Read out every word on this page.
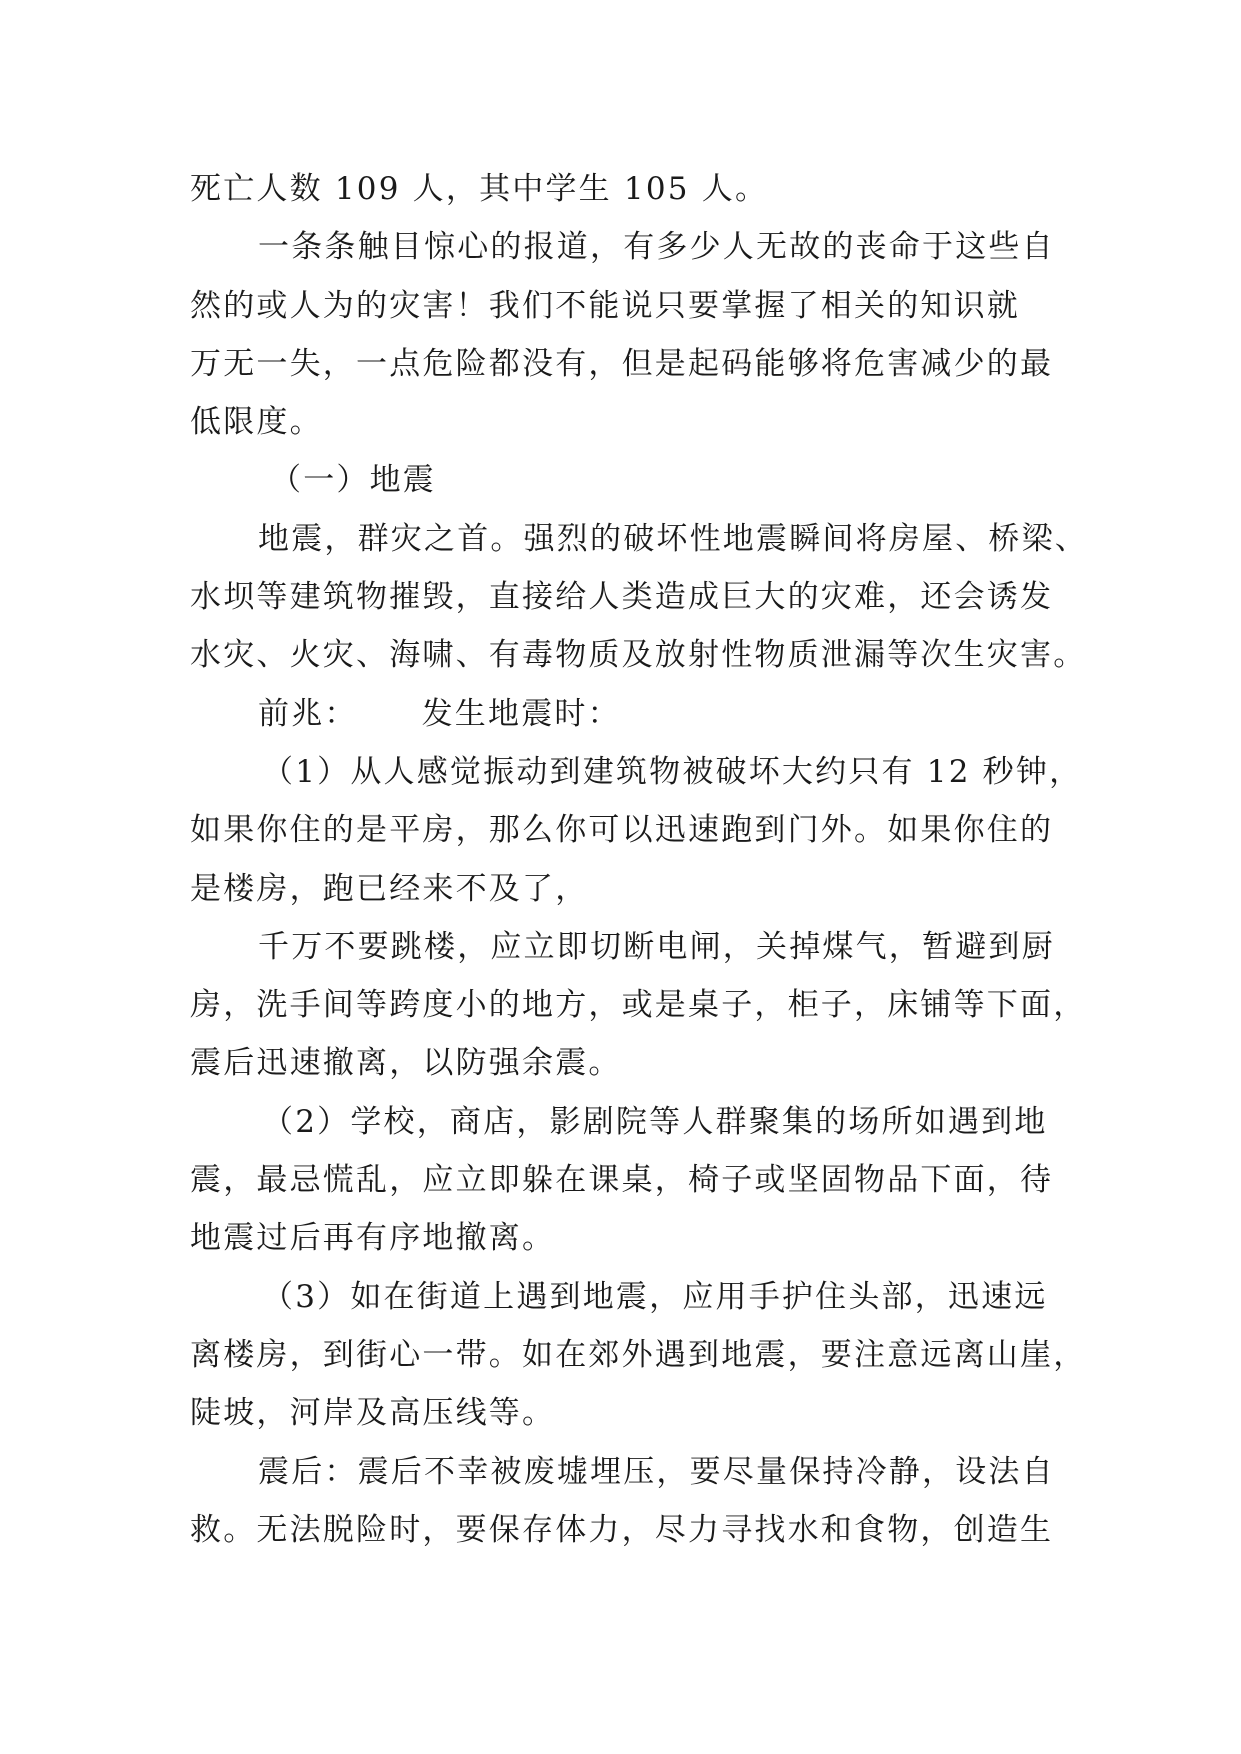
死亡人数 109 人，其中学生 105 人。
一条条触目惊心的报道，有多少人无故的丧命于这些自
然的或人为的灾害！我们不能说只要掌握了相关的知识就
万无一失，一点危险都没有，但是起码能够将危害减少的最
低限度。
（一）地震
地震，群灾之首。强烈的破坏性地震瞬间将房屋、桥梁、
水坝等建筑物摧毁，直接给人类造成巨大的灾难，还会诱发
水灾、火灾、海啸、有毒物质及放射性物质泄漏等次生灾害。
前兆： 发生地震时：
（1）从人感觉振动到建筑物被破坏大约只有 12 秒钟，
如果你住的是平房，那么你可以迅速跑到门外。如果你住的
是楼房，跑已经来不及了，
千万不要跳楼，应立即切断电闸，关掉煤气，暂避到厨
房，洗手间等跨度小的地方，或是桌子，柜子，床铺等下面，
震后迅速撤离，以防强余震。
（2）学校，商店，影剧院等人群聚集的场所如遇到地
震，最忌慌乱，应立即躲在课桌，椅子或坚固物品下面，待
地震过后再有序地撤离。
（3）如在街道上遇到地震，应用手护住头部，迅速远
离楼房，到街心一带。如在郊外遇到地震，要注意远离山崖，
陡坡，河岸及高压线等。
震后：震后不幸被废墟埋压，要尽量保持冷静，设法自
救。无法脱险时，要保存体力，尽力寻找水和食物，创造生
